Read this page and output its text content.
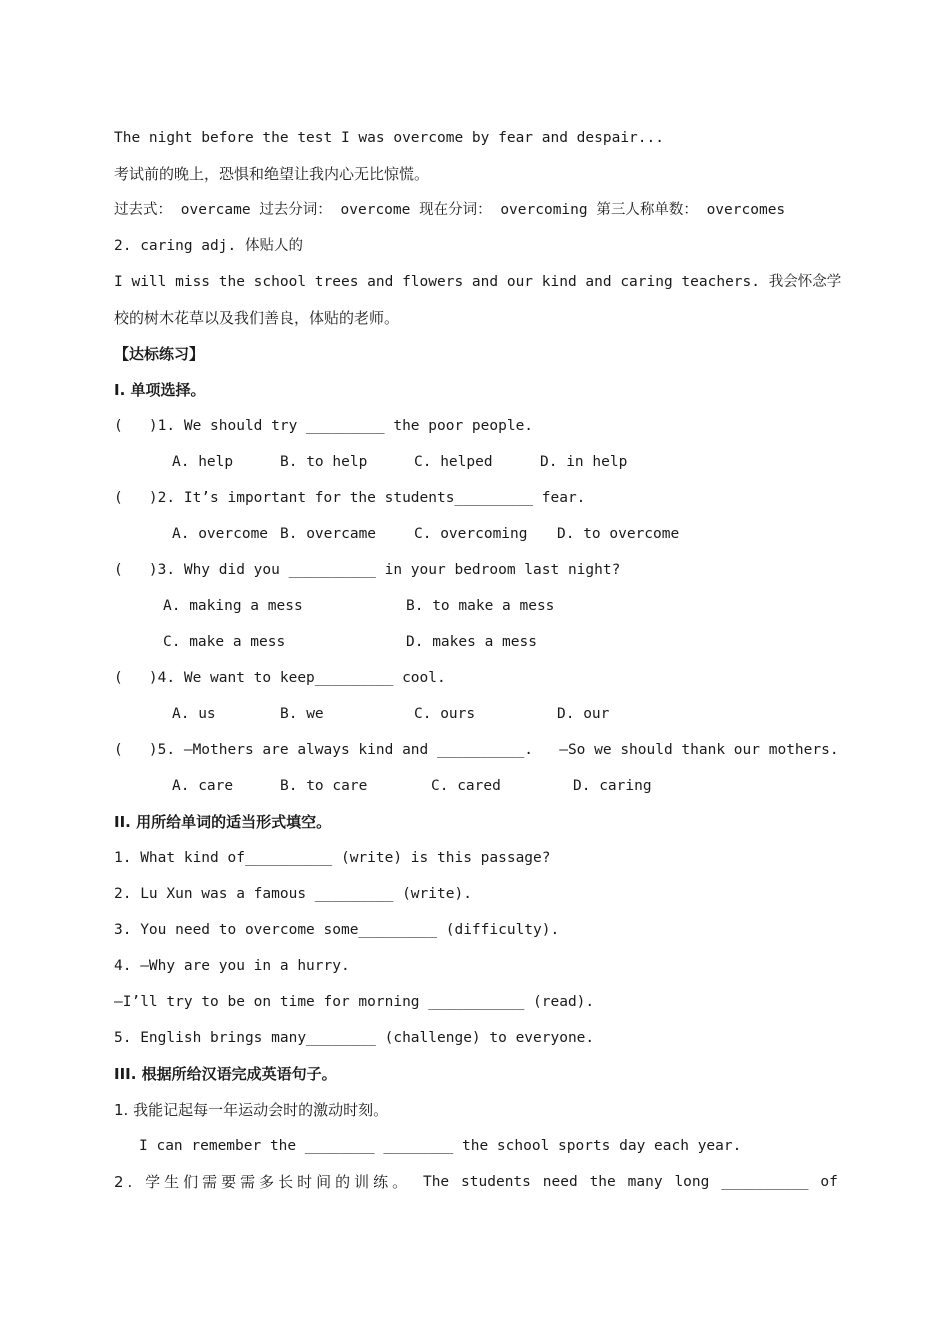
The night before the test I was overcome by fear and despair...
考试前的晚上，恐惧和绝望让我内心无比惊慌。
过去式： overcame 过去分词： overcome 现在分词： overcoming 第三人称单数： overcomes
2. caring adj. 体贴人的
I will miss the school trees and flowers and our kind and caring teachers. 我会怀念学
校的树木花草以及我们善良，体贴的老师。
【达标练习】
I. 单项选择。
(   )1. We should try _________ the poor people.
A. help	B. to help	C. helped	D. in help
(   )2. It’s important for the students_________ fear.
A. overcome B. overcame	C. overcoming	D. to overcome
(   )3. Why did you __________ in your bedroom last night?
A. making a mess	B. to make a mess
C. make a mess	D. makes a mess
(   )4. We want to keep_________ cool.
A. us	B. we	C. ours	D. our
(   )5. —Mothers are always kind and __________.   —So we should thank our mothers.
A. care	B. to care	C. cared	D. caring
II. 用所给单词的适当形式填空。
1. What kind of__________ (write) is this passage?
2. Lu Xun was a famous _________ (write).
3. You need to overcome some_________ (difficulty).
4. —Why are you in a hurry.
—I’ll try to be on time for morning ___________ (read).
5. English brings many________ (challenge) to everyone.
III. 根据所给汉语完成英语句子。
1. 我能记起每一年运动会时的激动时刻。
I can remember the ________ ________ the school sports day each year.
2. 学生们需要需多长时间的训练。 The students need the many long __________ of
